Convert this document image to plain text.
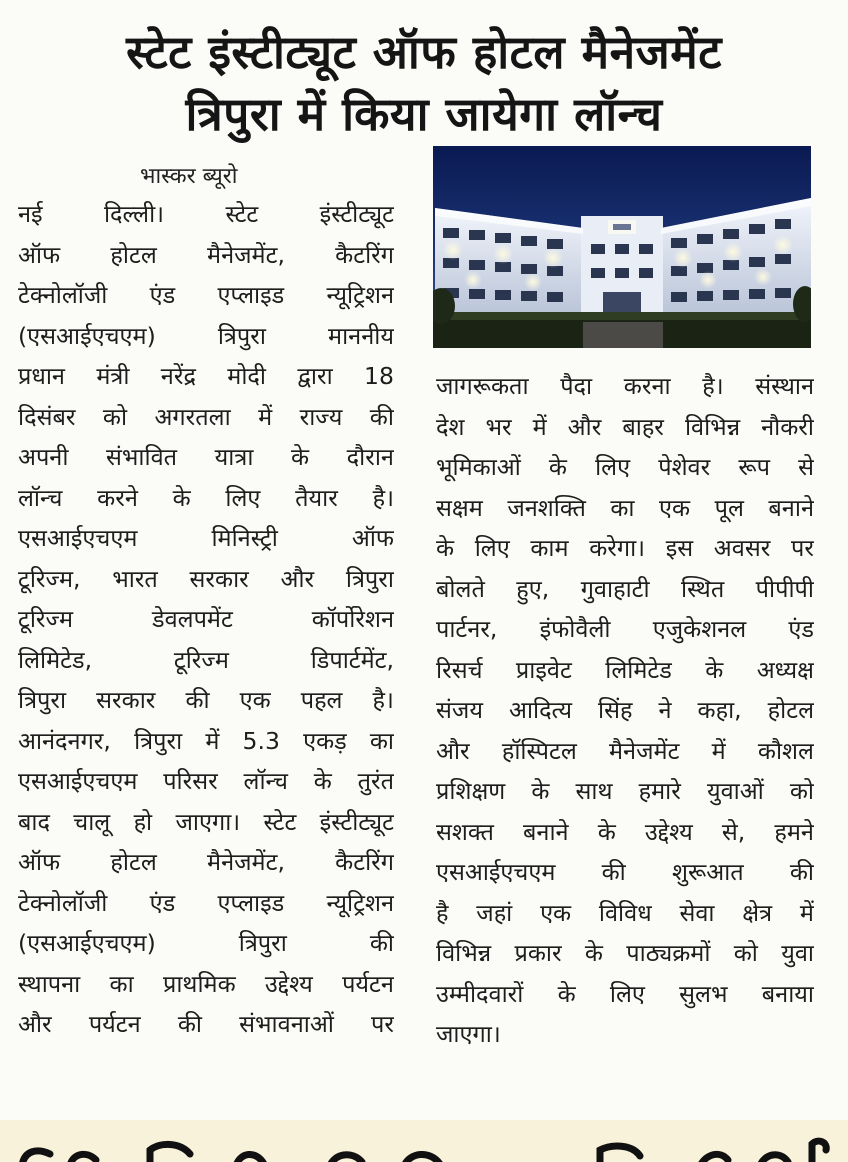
स्टेट इंस्टीट्यूट ऑफ होटल मैनेजमेंट
त्रिपुरा में किया जायेगा लॉन्च
भास्कर ब्यूरो
नई	दिल्ली।	स्टेट	इंस्टीट्यूट
ऑफ होटल मैनेजमेंट, कैटरिंग
टेक्नोलॉजी एंड एप्लाइड न्यूट्रिशन
(एसआईएचएम)	त्रिपुरा	माननीय
प्रधान मंत्री नरेंद्र मोदी द्वारा 18
दिसंबर को अगरतला में राज्य की
अपनी संभावित यात्रा के दौरान
लॉन्च करने के लिए तैयार है।
एसआईएचएम	मिनिस्ट्री	ऑफ
टूरिज्म, भारत सरकार और त्रिपुरा
टूरिज्म	डेवलपमेंट	कॉर्पोरेशन
लिमिटेड,	टूरिज्म	डिपार्टमेंट,
त्रिपुरा सरकार की एक पहल है।
आनंदनगर, त्रिपुरा में 5.3 एकड़ का
एसआईएचएम परिसर लॉन्च के तुरंत
बाद चालू हो जाएगा। स्टेट इंस्टीट्यूट
ऑफ होटल मैनेजमेंट, कैटरिंग
टेक्नोलॉजी एंड एप्लाइड न्यूट्रिशन
(एसआईएचएम)	त्रिपुरा	की
स्थापना का प्राथमिक उद्देश्य पर्यटन
और पर्यटन की संभावनाओं पर
जागरूकता पैदा करना है। संस्थान
देश भर में और बाहर विभिन्न नौकरी
भूमिकाओं के लिए पेशेवर रूप से
सक्षम जनशक्ति का एक पूल बनाने
के लिए काम करेगा। इस अवसर पर
बोलते हुए, गुवाहाटी स्थित पीपीपी
पार्टनर, इंफोवैली एजुकेशनल एंड
रिसर्च प्राइवेट लिमिटेड के अध्यक्ष
संजय आदित्य सिंह ने कहा, होटल
और हॉस्पिटल मैनेजमेंट में कौशल
प्रशिक्षण के साथ हमारे युवाओं को
सशक्त बनाने के उद्देश्य से, हमने
एसआईएचएम की शुरूआत की
है जहां एक विविध सेवा क्षेत्र में
विभिन्न प्रकार के पाठ्यक्रमों को युवा
उम्मीदवारों के लिए सुलभ बनाया
जाएगा।
